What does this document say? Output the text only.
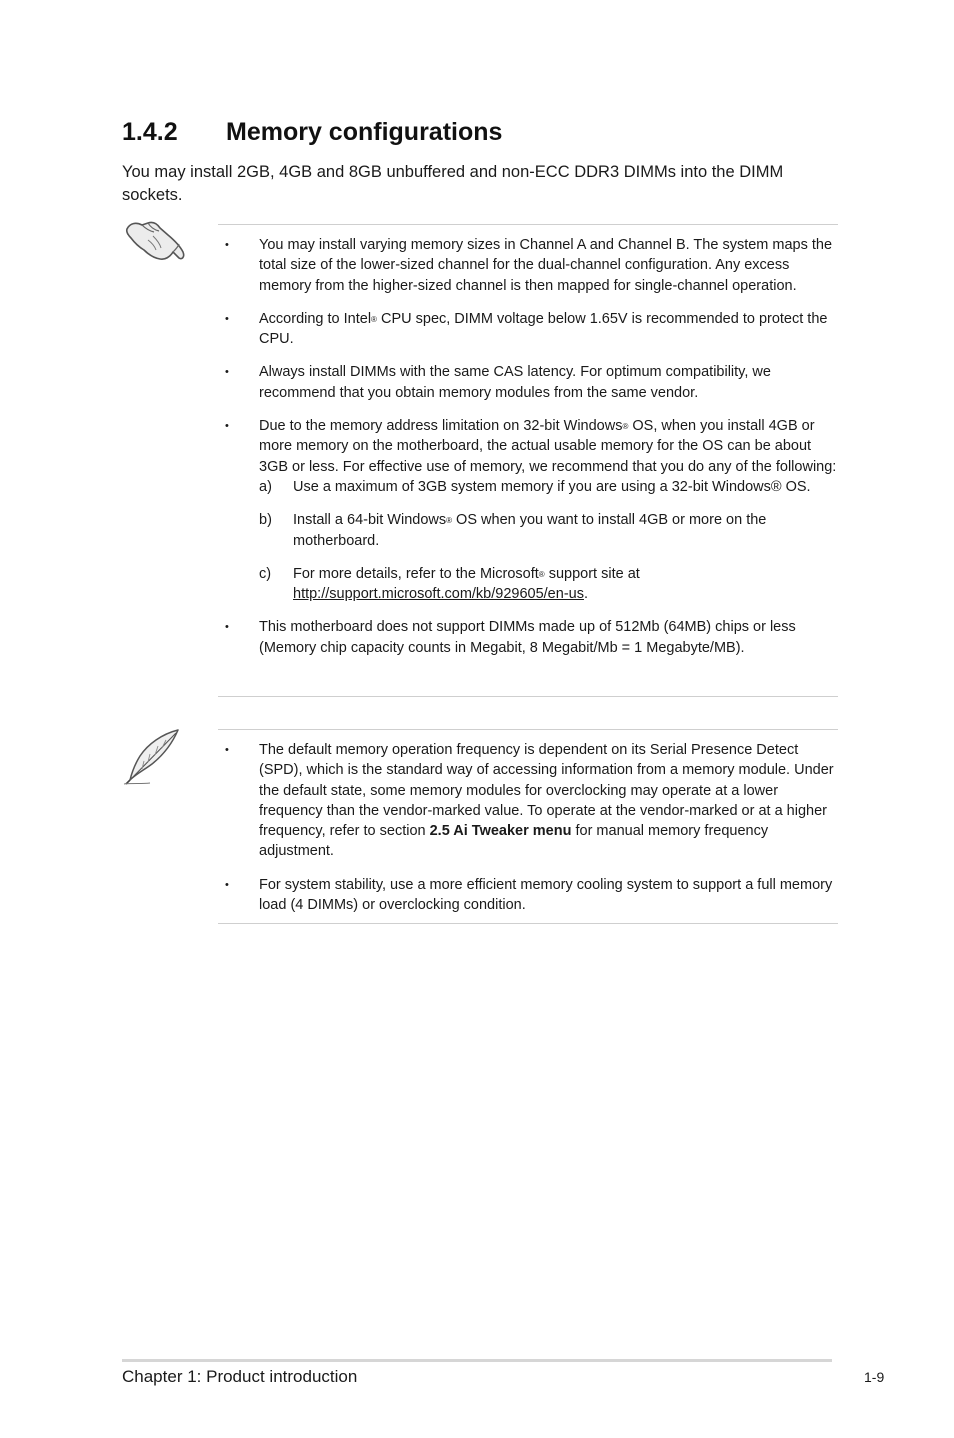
1.4.2 Memory configurations

You may install 2GB, 4GB and 8GB unbuffered and non-ECC DDR3 DIMMs into the DIMM sockets.

• You may install varying memory sizes in Channel A and Channel B. The system maps the total size of the lower-sized channel for the dual-channel configuration. Any excess memory from the higher-sized channel is then mapped for single-channel operation.
• According to Intel® CPU spec, DIMM voltage below 1.65V is recommended to protect the CPU.
• Always install DIMMs with the same CAS latency. For optimum compatibility, we recommend that you obtain memory modules from the same vendor.
• Due to the memory address limitation on 32-bit Windows® OS, when you install 4GB or more memory on the motherboard, the actual usable memory for the OS can be about 3GB or less. For effective use of memory, we recommend that you do any of the following:
a) Use a maximum of 3GB system memory if you are using a 32-bit Windows® OS.
b) Install a 64-bit Windows® OS when you want to install 4GB or more on the motherboard.
c) For more details, refer to the Microsoft® support site at http://support.microsoft.com/kb/929605/en-us.
• This motherboard does not support DIMMs made up of 512Mb (64MB) chips or less (Memory chip capacity counts in Megabit, 8 Megabit/Mb = 1 Megabyte/MB).
• The default memory operation frequency is dependent on its Serial Presence Detect (SPD), which is the standard way of accessing information from a memory module. Under the default state, some memory modules for overclocking may operate at a lower frequency than the vendor-marked value. To operate at the vendor-marked or at a higher frequency, refer to section 2.5 Ai Tweaker menu for manual memory frequency adjustment.
• For system stability, use a more efficient memory cooling system to support a full memory load (4 DIMMs) or overclocking condition.
Chapter 1: Product introduction	1-9
